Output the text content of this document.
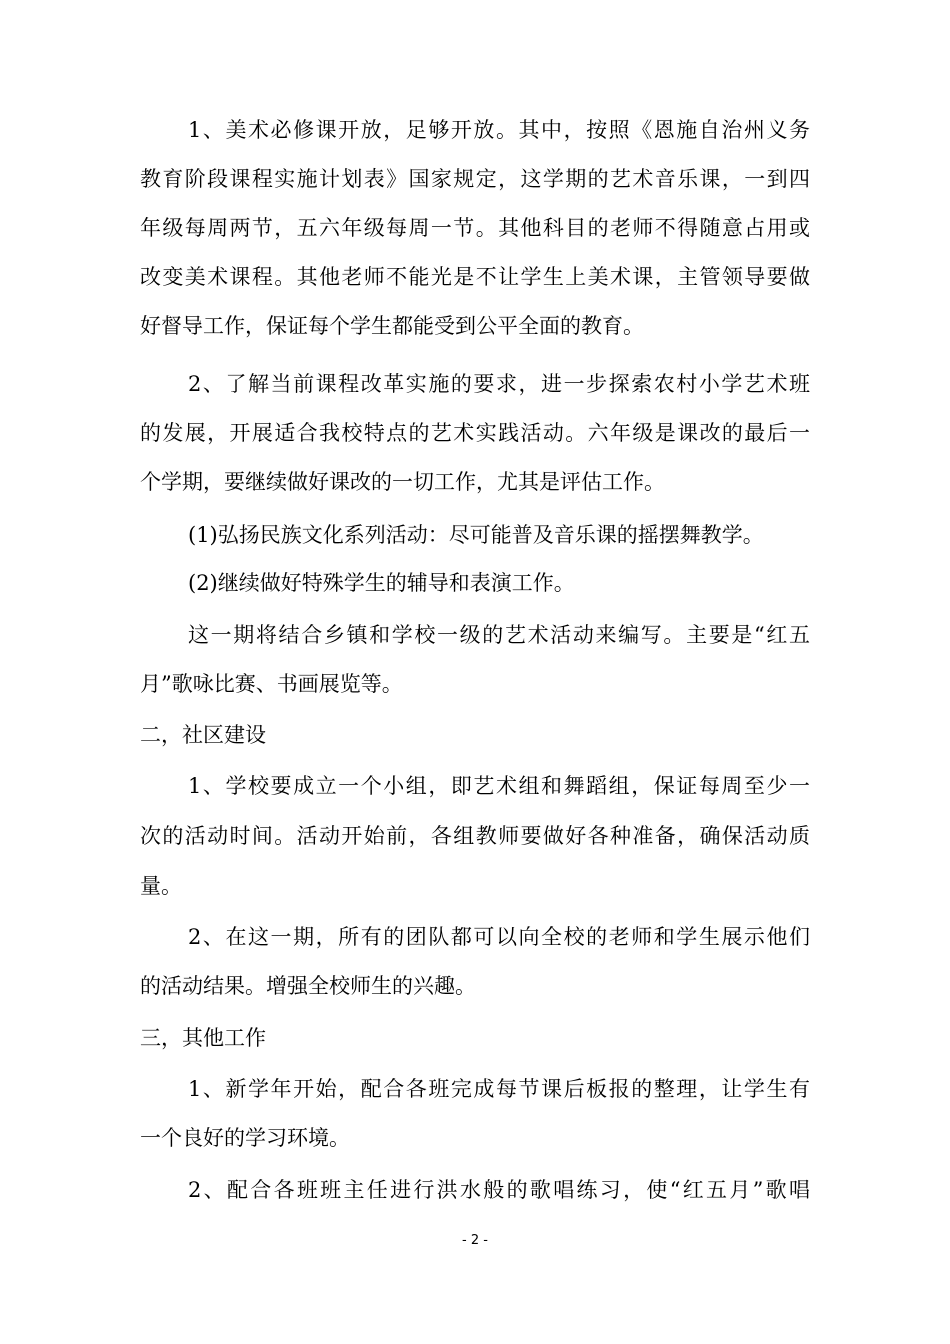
1、美术必修课开放，足够开放。其中，按照《恩施自治州义务
教育阶段课程实施计划表》国家规定，这学期的艺术音乐课，一到四
年级每周两节，五六年级每周一节。其他科目的老师不得随意占用或
改变美术课程。其他老师不能光是不让学生上美术课，主管领导要做
好督导工作，保证每个学生都能受到公平全面的教育。
2、了解当前课程改革实施的要求，进一步探索农村小学艺术班
的发展，开展适合我校特点的艺术实践活动。六年级是课改的最后一
个学期，要继续做好课改的一切工作，尤其是评估工作。
(1)弘扬民族文化系列活动：尽可能普及音乐课的摇摆舞教学。
(2)继续做好特殊学生的辅导和表演工作。
这一期将结合乡镇和学校一级的艺术活动来编写。主要是“红五
月”歌咏比赛、书画展览等。
二，社区建设
1、学校要成立一个小组，即艺术组和舞蹈组，保证每周至少一
次的活动时间。活动开始前，各组教师要做好各种准备，确保活动质
量。
2、在这一期，所有的团队都可以向全校的老师和学生展示他们
的活动结果。增强全校师生的兴趣。
三，其他工作
1、新学年开始，配合各班完成每节课后板报的整理，让学生有
一个良好的学习环境。
2、配合各班班主任进行洪水般的歌唱练习，使“红五月”歌唱
- 2 -
